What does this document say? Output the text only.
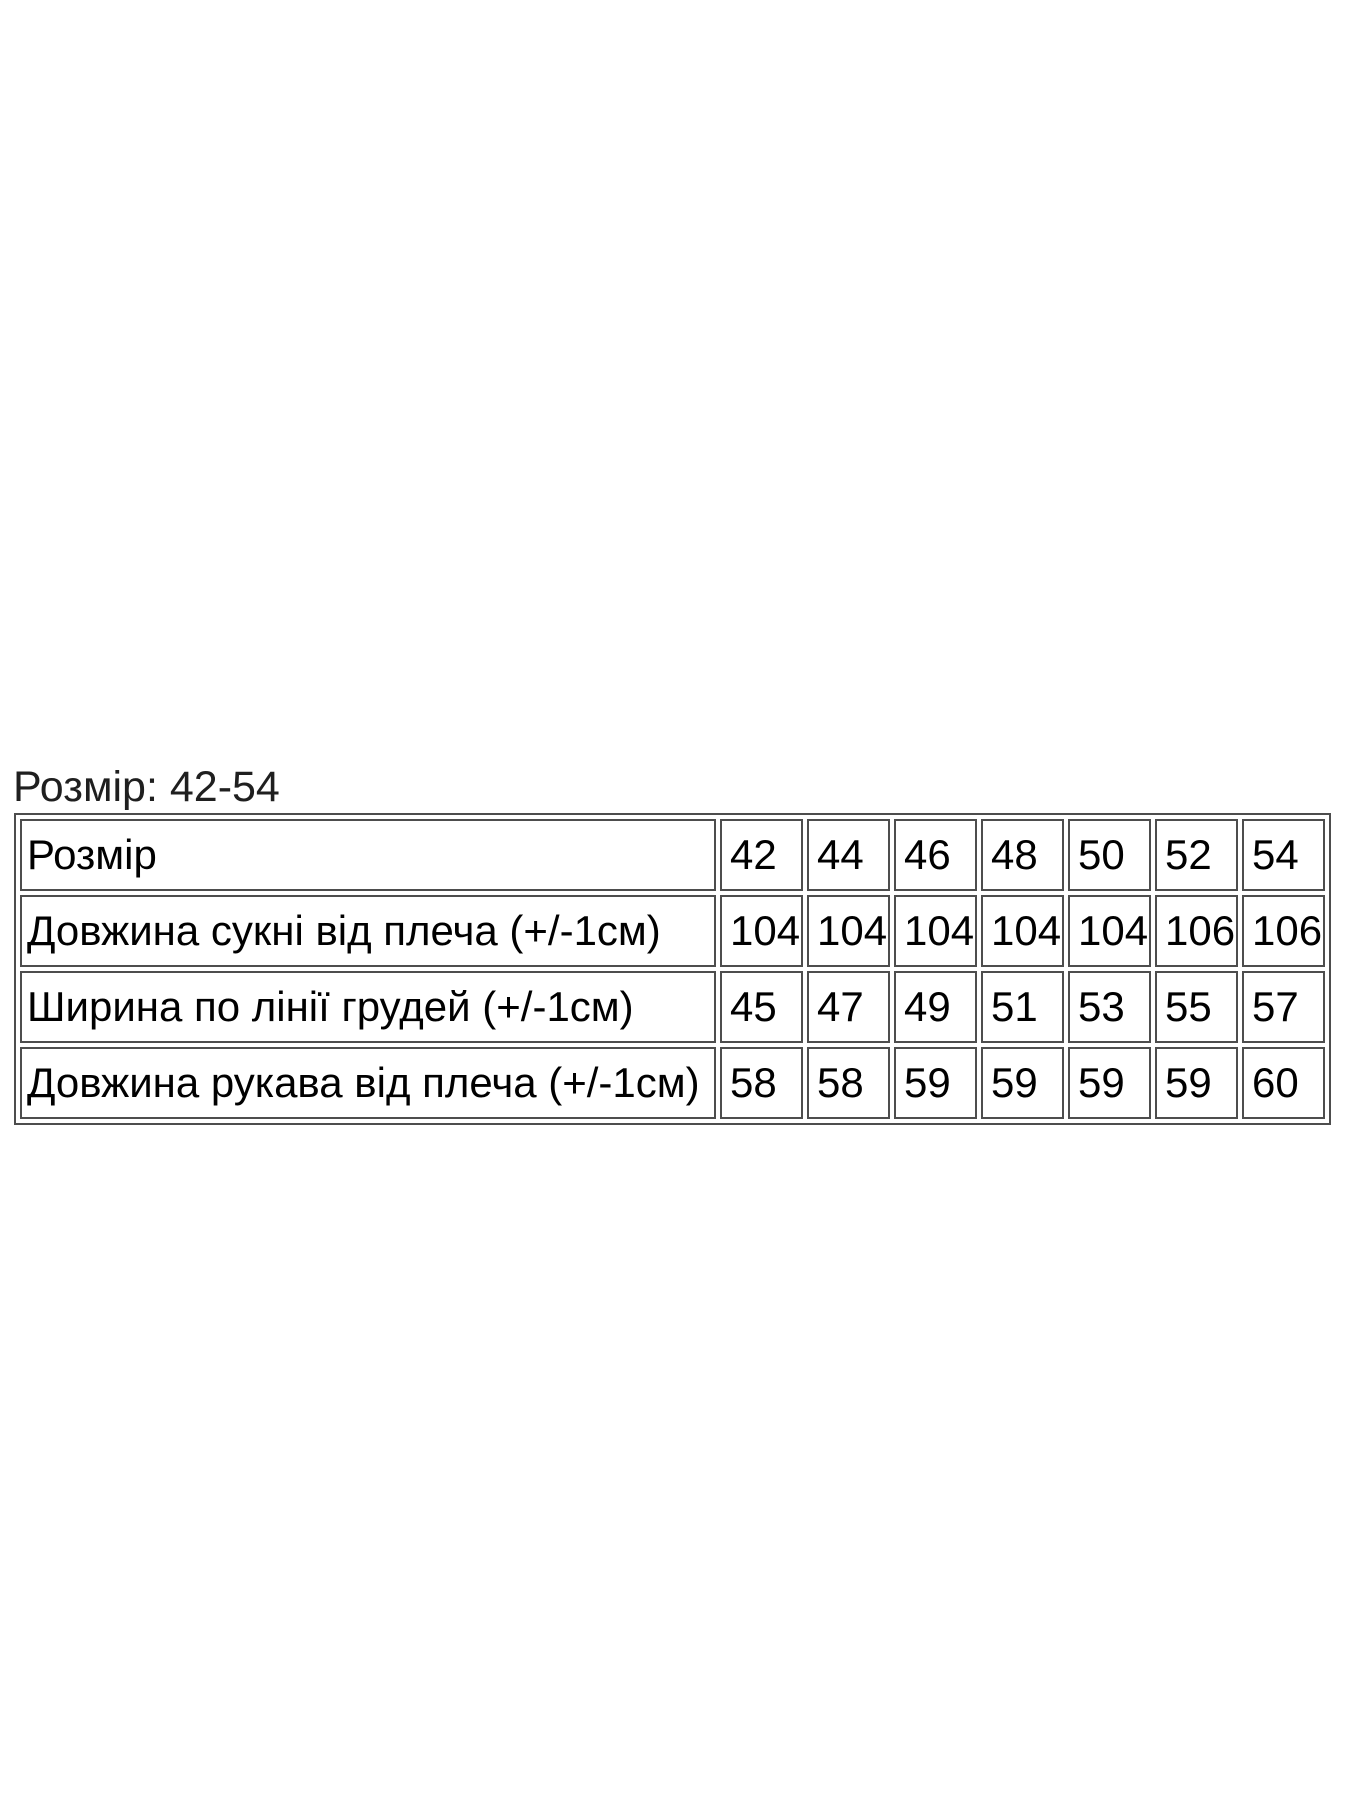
Розмір: 42-54
Розмір	42	44	46	48	50	52	54
Довжина сукні від плеча (+/-1см)	104	104	104	104	104	106	106
Ширина по лінії грудей (+/-1см)	45	47	49	51	53	55	57
Довжина рукава від плеча (+/-1см)	58	58	59	59	59	59	60
